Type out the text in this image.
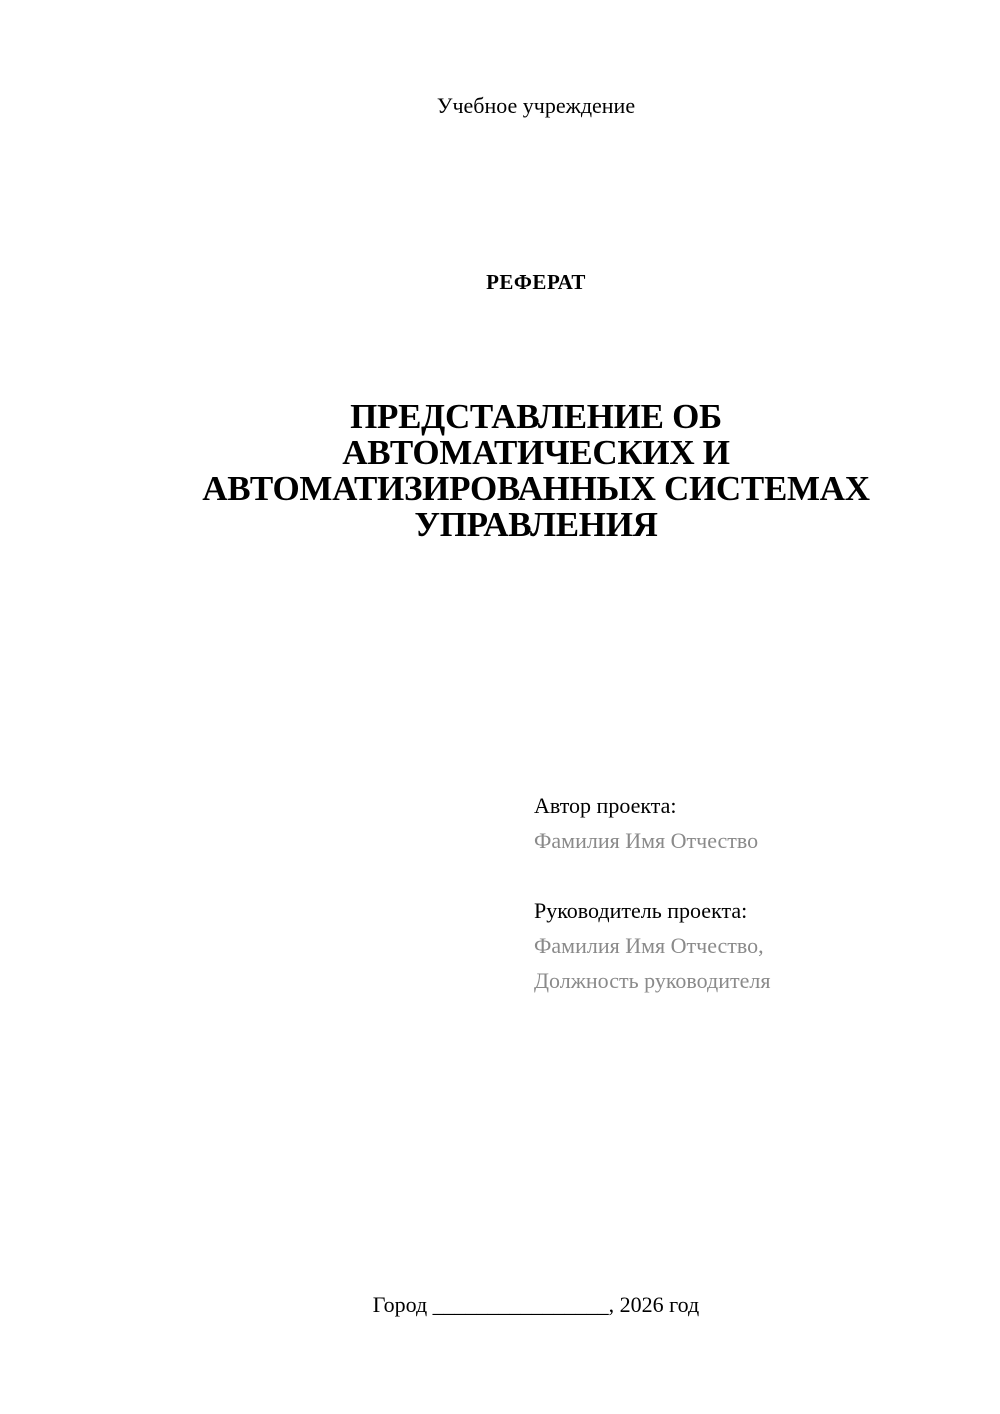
Учебное учреждение
РЕФЕРАТ
ПРЕДСТАВЛЕНИЕ ОБ
АВТОМАТИЧЕСКИХ И
АВТОМАТИЗИРОВАННЫХ СИСТЕМАХ
УПРАВЛЕНИЯ
Автор проекта:
Фамилия Имя Отчество
Руководитель проекта:
Фамилия Имя Отчество,
Должность руководителя
Город ________________, 2026 год
